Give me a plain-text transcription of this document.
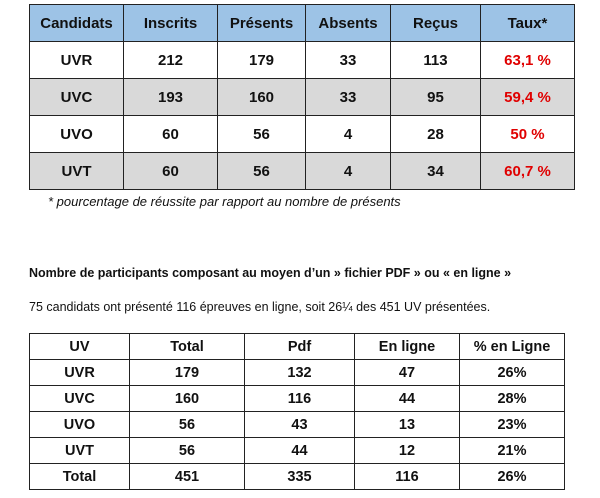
Candidats	Inscrits	Présents	Absents	Reçus	Taux*
UVR	212	179	33	113	63,1 %
UVC	193	160	33	95	59,4 %
UVO	60	56	4	28	50 %
UVT	60	56	4	34	60,7 %
* pourcentage de réussite par rapport au nombre de présents
Nombre de participants composant au moyen d’un » fichier PDF » ou « en ligne »
75 candidats ont présenté 116 épreuves en ligne, soit 26¼ des 451 UV présentées.
UV	Total	Pdf	En ligne	% en Ligne
UVR	179	132	47	26%
UVC	160	116	44	28%
UVO	56	43	13	23%
UVT	56	44	12	21%
Total	451	335	116	26%
